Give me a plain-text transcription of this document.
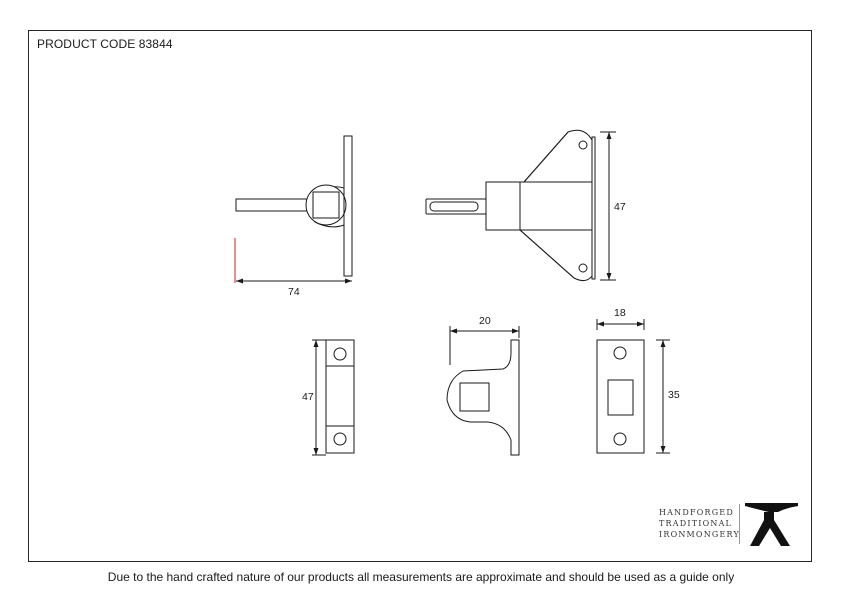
PRODUCT CODE 83844
74
47
47
20
18
35
HANDFORGED
TRADITIONAL
IRONMONGERY
Due to the hand crafted nature of our products all measurements are approximate and should be used as a guide only
